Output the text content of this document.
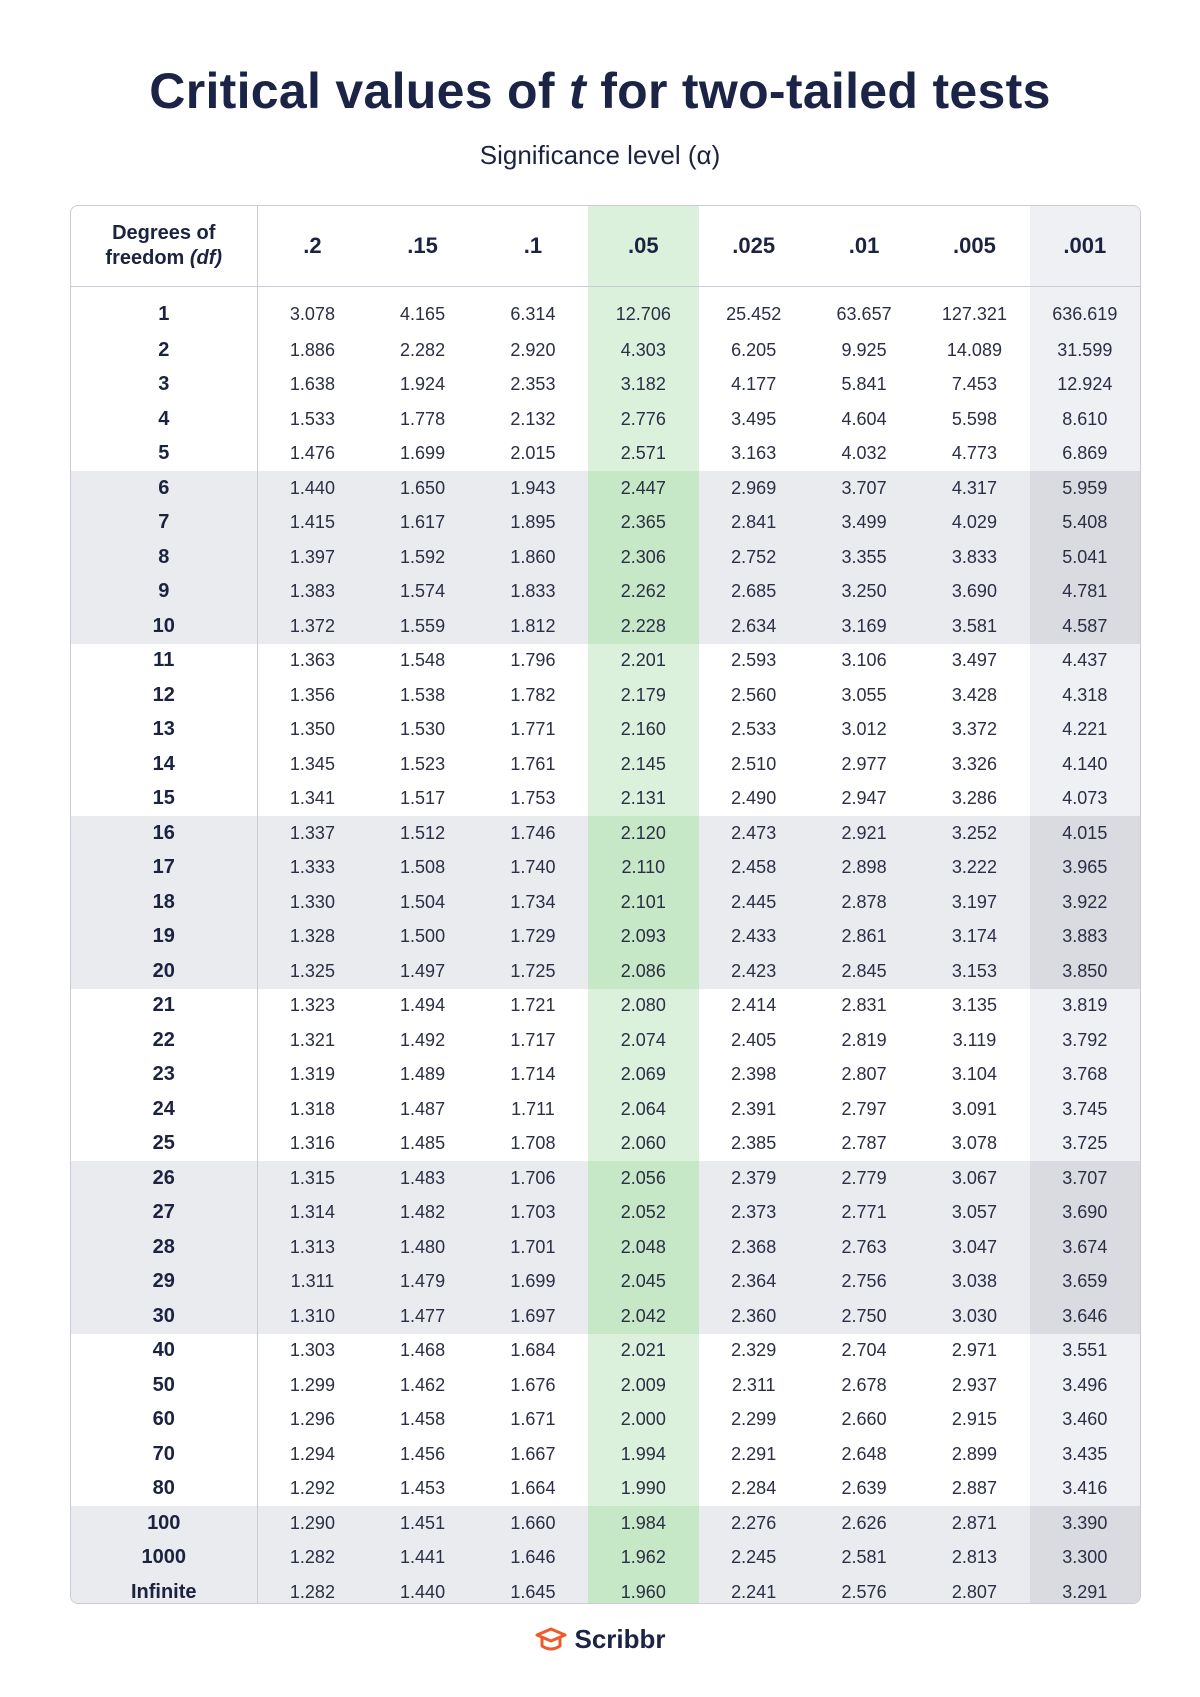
Critical values of t for two-tailed tests
Significance level (α)
Degrees of
freedom (df)	.2	.15	.1	.05	.025	.01	.005	.001
1	3.078	4.165	6.314	12.706	25.452	63.657	127.321	636.619
2	1.886	2.282	2.920	4.303	6.205	9.925	14.089	31.599
3	1.638	1.924	2.353	3.182	4.177	5.841	7.453	12.924
4	1.533	1.778	2.132	2.776	3.495	4.604	5.598	8.610
5	1.476	1.699	2.015	2.571	3.163	4.032	4.773	6.869
6	1.440	1.650	1.943	2.447	2.969	3.707	4.317	5.959
7	1.415	1.617	1.895	2.365	2.841	3.499	4.029	5.408
8	1.397	1.592	1.860	2.306	2.752	3.355	3.833	5.041
9	1.383	1.574	1.833	2.262	2.685	3.250	3.690	4.781
10	1.372	1.559	1.812	2.228	2.634	3.169	3.581	4.587
11	1.363	1.548	1.796	2.201	2.593	3.106	3.497	4.437
12	1.356	1.538	1.782	2.179	2.560	3.055	3.428	4.318
13	1.350	1.530	1.771	2.160	2.533	3.012	3.372	4.221
14	1.345	1.523	1.761	2.145	2.510	2.977	3.326	4.140
15	1.341	1.517	1.753	2.131	2.490	2.947	3.286	4.073
16	1.337	1.512	1.746	2.120	2.473	2.921	3.252	4.015
17	1.333	1.508	1.740	2.110	2.458	2.898	3.222	3.965
18	1.330	1.504	1.734	2.101	2.445	2.878	3.197	3.922
19	1.328	1.500	1.729	2.093	2.433	2.861	3.174	3.883
20	1.325	1.497	1.725	2.086	2.423	2.845	3.153	3.850
21	1.323	1.494	1.721	2.080	2.414	2.831	3.135	3.819
22	1.321	1.492	1.717	2.074	2.405	2.819	3.119	3.792
23	1.319	1.489	1.714	2.069	2.398	2.807	3.104	3.768
24	1.318	1.487	1.711	2.064	2.391	2.797	3.091	3.745
25	1.316	1.485	1.708	2.060	2.385	2.787	3.078	3.725
26	1.315	1.483	1.706	2.056	2.379	2.779	3.067	3.707
27	1.314	1.482	1.703	2.052	2.373	2.771	3.057	3.690
28	1.313	1.480	1.701	2.048	2.368	2.763	3.047	3.674
29	1.311	1.479	1.699	2.045	2.364	2.756	3.038	3.659
30	1.310	1.477	1.697	2.042	2.360	2.750	3.030	3.646
40	1.303	1.468	1.684	2.021	2.329	2.704	2.971	3.551
50	1.299	1.462	1.676	2.009	2.311	2.678	2.937	3.496
60	1.296	1.458	1.671	2.000	2.299	2.660	2.915	3.460
70	1.294	1.456	1.667	1.994	2.291	2.648	2.899	3.435
80	1.292	1.453	1.664	1.990	2.284	2.639	2.887	3.416
100	1.290	1.451	1.660	1.984	2.276	2.626	2.871	3.390
1000	1.282	1.441	1.646	1.962	2.245	2.581	2.813	3.300
Infinite	1.282	1.440	1.645	1.960	2.241	2.576	2.807	3.291
Scribbr
